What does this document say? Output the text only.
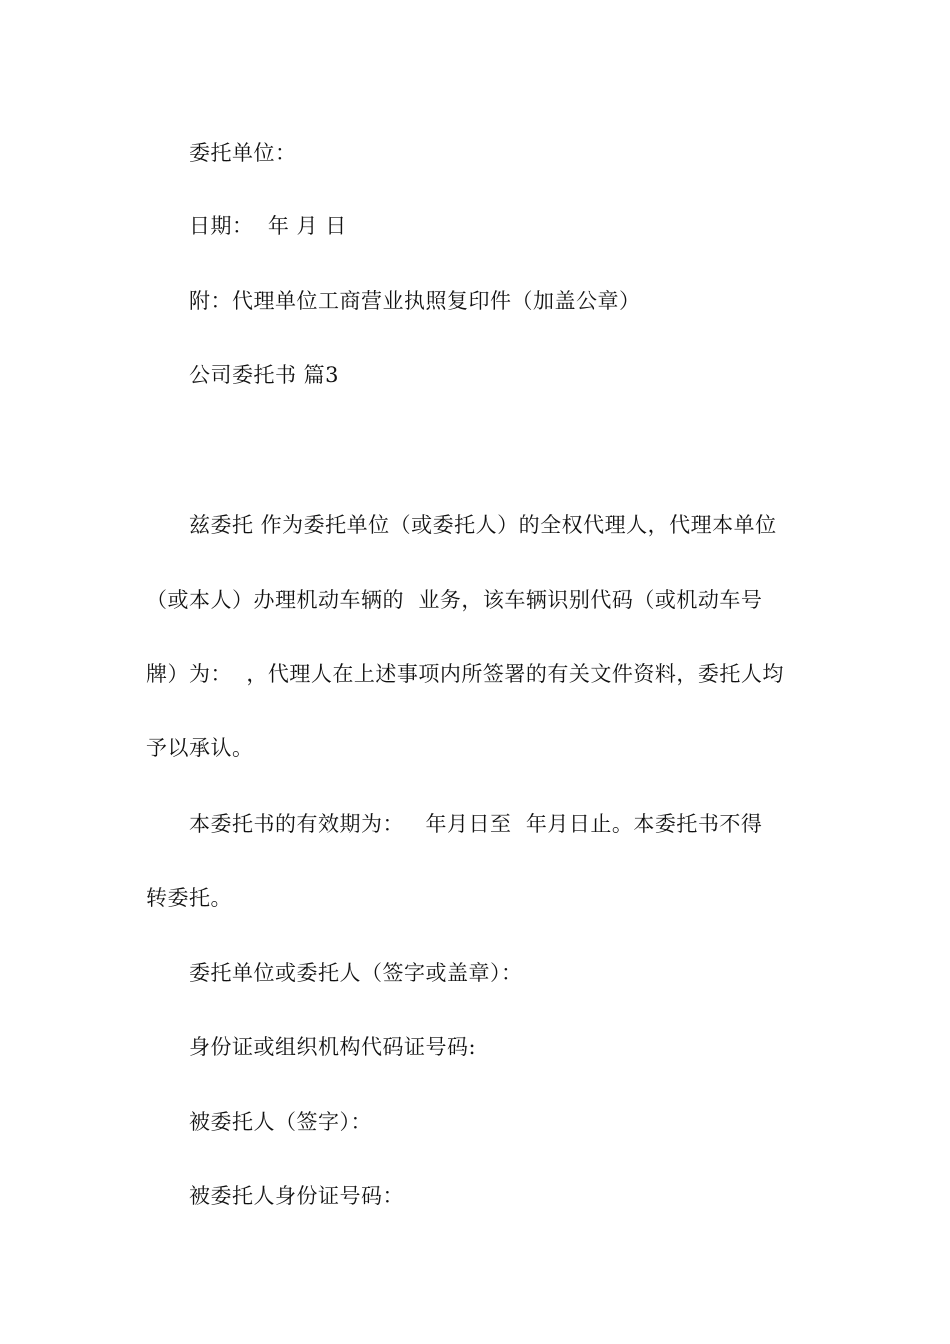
委托单位：
日期：  年 月 日
附：代理单位工商营业执照复印件（加盖公章）
公司委托书 篇3
兹委托 作为委托单位（或委托人）的全权代理人，代理本单位
（或本人）办理机动车辆的  业务，该车辆识别代码（或机动车号
牌）为：  ，代理人在上述事项内所签署的有关文件资料，委托人均
予以承认。
本委托书的有效期为：   年月日至  年月日止。本委托书不得
转委托。
委托单位或委托人（签字或盖章）：
身份证或组织机构代码证号码:
被委托人（签字）：
被委托人身份证号码：
